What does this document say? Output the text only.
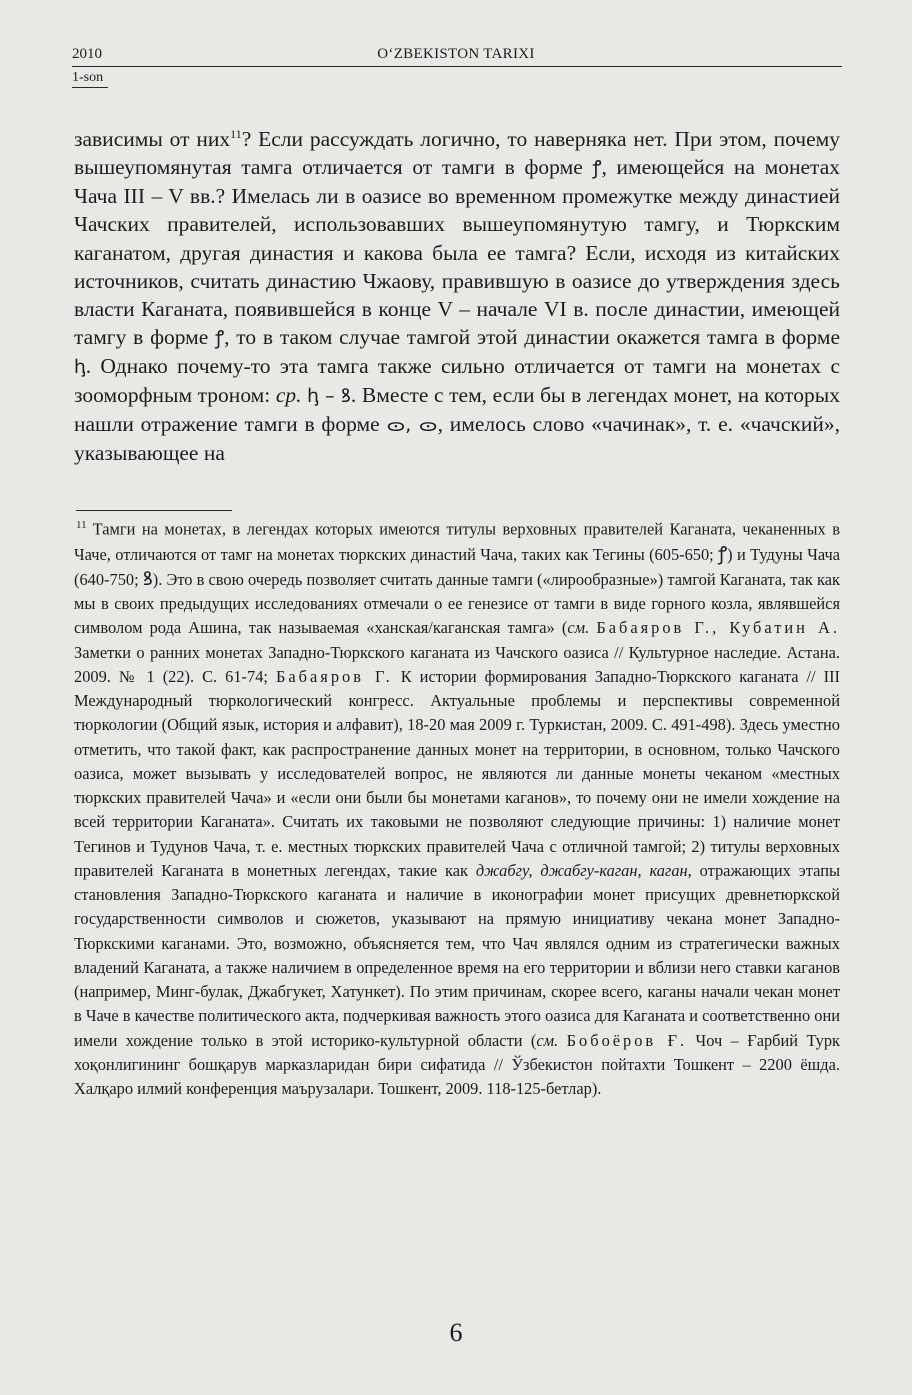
2010	O‘ZBEKISTON TARIXI
1-son

зависимы от них$^{11}$? Если рассуждать логично, то наверняка нет. При этом, почему вышеупомянутая тамга отличается от тамги в форме ꝭ, имеющейся на монетах Чача III – V вв.? Имелась ли в оазисе во временном промежутке между династией Чачских правителей, использовавших вышеупомянутую тамгу, и Тюркским каганатом, другая династия и какова была ее тамга? Если, исходя из китайских источников, считать династию Чжаову, правившую в оазисе до утверждения здесь власти Каганата, появившейся в конце V – начале VI в. после династии, имеющей тамгу в форме ꝭ, то в таком случае тамгой этой династии окажется тамга в форме ꞕ. Однако почему-то эта тамга также сильно отличается от тамги на монетах с зооморфным троном: ср. ꞕ – ꝸ. Вместе с тем, если бы в легендах монет, на которых нашли отражение тамги в форме ᯣ, ᯣ, имелось слово «чачинак», т. е. «чачский», указывающее на

$^{11}$ Тамги на монетах, в легендах которых имеются титулы верховных правителей Каганата, чеканенных в Чаче, отличаются от тамг на монетах тюркских династий Чача, таких как Тегины (605-650; ꝭ) и Тудуны Чача (640-750; ꝸ). Это в свою очередь позволяет считать данные тамги («лирообразные») тамгой Каганата, так как мы в своих предыдущих исследованиях отмечали о ее генезисе от тамги в виде горного козла, являвшейся символом рода Ашина, так называемая «ханская/каганская тамга» (см. Бабаяров Г., Кубатин А. Заметки о ранних монетах Западно-Тюркского каганата из Чачского оазиса // Культурное наследие. Астана. 2009. № 1 (22). С. 61-74; Бабаяров Г. К истории формирования Западно-Тюркского каганата // III Международный тюркологический конгресс. Актуальные проблемы и перспективы современной тюркологии (Общий язык, история и алфавит), 18-20 мая 2009 г. Туркистан, 2009. С. 491-498). Здесь уместно отметить, что такой факт, как распространение данных монет на территории, в основном, только Чачского оазиса, может вызывать у исследователей вопрос, не являются ли данные монеты чеканом «местных тюркских правителей Чача» и «если они были бы монетами каганов», то почему они не имели хождение на всей территории Каганата». Считать их таковыми не позволяют следующие причины: 1) наличие монет Тегинов и Тудунов Чача, т. е. местных тюркских правителей Чача с отличной тамгой; 2) титулы верховных правителей Каганата в монетных легендах, такие как джабгу, джабгу-каган, каган, отражающих этапы становления Западно-Тюркского каганата и наличие в иконографии монет присущих древнетюркской государственности символов и сюжетов, указывают на прямую инициативу чекана монет Западно-Тюркскими каганами. Это, возможно, объясняется тем, что Чач являлся одним из стратегически важных владений Каганата, а также наличием в определенное время на его территории и вблизи него ставки каганов (например, Минг-булак, Джабгукет, Хатункет). По этим причинам, скорее всего, каганы начали чекан монет в Чаче в качестве политического акта, подчеркивая важность этого оазиса для Каганата и соответственно они имели хождение только в этой историко-культурной области (см. Бобоёров Ғ. Чоч – Ғарбий Турк хоқонлигининг бошқарув марказларидан бири сифатида // Ўзбекистон пойтахти Тошкент – 2200 ёшда. Халқаро илмий конференция маърузалари. Тошкент, 2009. 118-125-бетлар).

6
